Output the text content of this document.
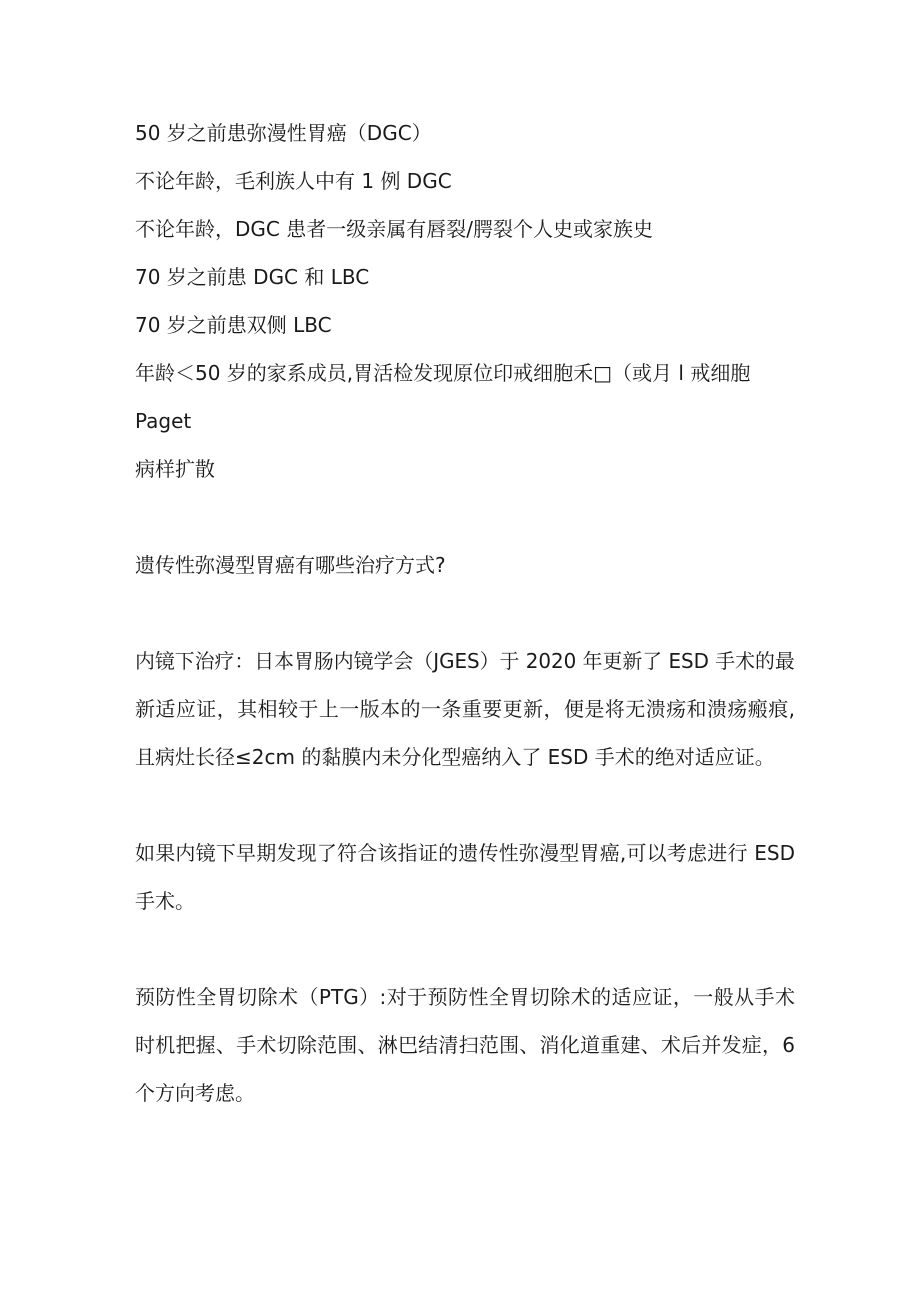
50 岁之前患弥漫性胃癌（DGC）
不论年龄，毛利族人中有 1 例 DGC
不论年龄，DGC 患者一级亲属有唇裂/腭裂个人史或家族史
70 岁之前患 DGC 和 LBC
70 岁之前患双侧 LBC
年龄＜50 岁的家系成员,胃活检发现原位印戒细胞禾□（或月 l 戒细胞
Paget
病样扩散
遗传性弥漫型胃癌有哪些治疗方式?
内镜下治疗：日本胃肠内镜学会（JGES）于 2020 年更新了 ESD 手术的最
新适应证，其相较于上一版本的一条重要更新，便是将无溃疡和溃疡瘢痕,
且病灶长径≤2cm 的黏膜内未分化型癌纳入了 ESD 手术的绝对适应证。
如果内镜下早期发现了符合该指证的遗传性弥漫型胃癌,可以考虑进行 ESD
手术。
预防性全胃切除术（PTG）:对于预防性全胃切除术的适应证，一般从手术
时机把握、手术切除范围、淋巴结清扫范围、消化道重建、术后并发症，6
个方向考虑。
